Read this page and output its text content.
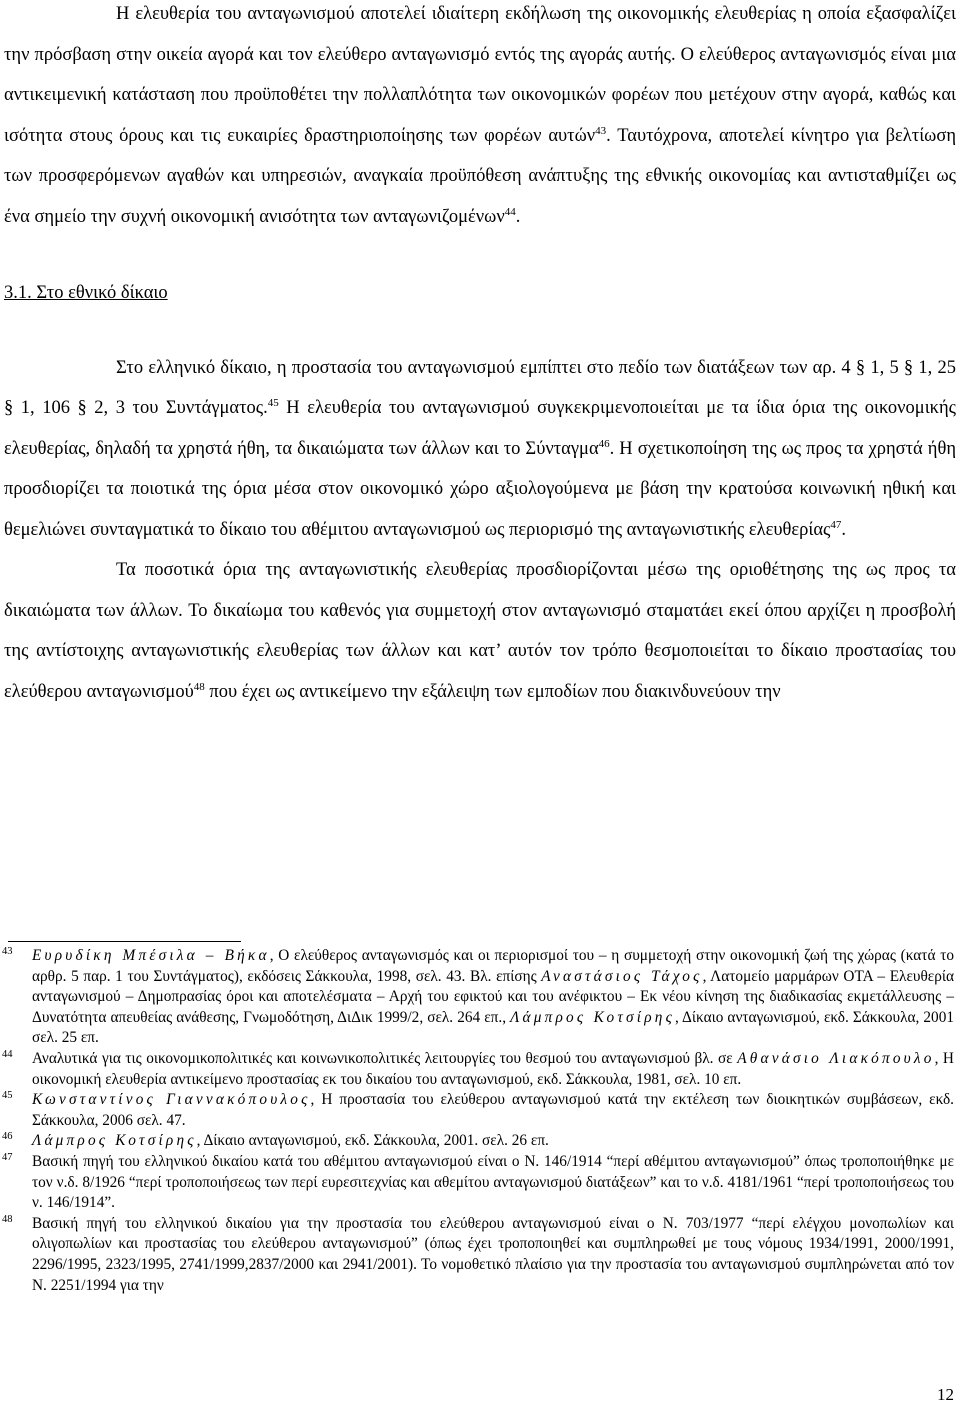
Η ελευθερία του ανταγωνισμού αποτελεί ιδιαίτερη εκδήλωση της οικονομικής ελευθερίας η οποία εξασφαλίζει την πρόσβαση στην οικεία αγορά και τον ελεύθερο ανταγωνισμό εντός της αγοράς αυτής. Ο ελεύθερος ανταγωνισμός είναι μια αντικειμενική κατάσταση που προϋποθέτει την πολλαπλότητα των οικονομικών φορέων που μετέχουν στην αγορά, καθώς και ισότητα στους όρους και τις ευκαιρίες δραστηριοποίησης των φορέων αυτών$^{43}$. Ταυτόχρονα, αποτελεί κίνητρο για βελτίωση των προσφερόμενων αγαθών και υπηρεσιών, αναγκαία προϋπόθεση ανάπτυξης της εθνικής οικονομίας και αντισταθμίζει ως ένα σημείο την συχνή οικονομική ανισότητα των ανταγωνιζομένων$^{44}$.

3.1. Στο εθνικό δίκαιο

Στο ελληνικό δίκαιο, η προστασία του ανταγωνισμού εμπίπτει στο πεδίο των διατάξεων των αρ. 4 § 1, 5 § 1, 25 § 1, 106 § 2, 3 του Συντάγματος.$^{45}$ Η ελευθερία του ανταγωνισμού συγκεκριμενοποιείται με τα ίδια όρια της οικονομικής ελευθερίας, δηλαδή τα χρηστά ήθη, τα δικαιώματα των άλλων και το Σύνταγμα$^{46}$. Η σχετικοποίηση της ως προς τα χρηστά ήθη προσδιορίζει τα ποιοτικά της όρια μέσα στον οικονομικό χώρο αξιολογούμενα με βάση την κρατούσα κοινωνική ηθική και θεμελιώνει συνταγματικά το δίκαιο του αθέμιτου ανταγωνισμού ως περιορισμό της ανταγωνιστικής ελευθερίας$^{47}$.

Τα ποσοτικά όρια της ανταγωνιστικής ελευθερίας προσδιορίζονται μέσω της οριοθέτησης της ως προς τα δικαιώματα των άλλων. Το δικαίωμα του καθενός για συμμετοχή στον ανταγωνισμό σταματάει εκεί όπου αρχίζει η προσβολή της αντίστοιχης ανταγωνιστικής ελευθερίας των άλλων και κατ’ αυτόν τον τρόπο θεσμοποιείται το δίκαιο προστασίας του ελεύθερου ανταγωνισμού$^{48}$ που έχει ως αντικείμενο την εξάλειψη των εμποδίων που διακινδυνεύουν την

43 Ευρυδίκη Μπέσιλα – Βήκα, Ο ελεύθερος ανταγωνισμός και οι περιορισμοί του – η συμμετοχή στην οικονομική ζωή της χώρας (κατά το αρθρ. 5 παρ. 1 του Συντάγματος), εκδόσεις Σάκκουλα, 1998, σελ. 43. Βλ. επίσης Αναστάσιος Τάχος, Λατομείο μαρμάρων ΟΤΑ – Ελευθερία ανταγωνισμού – Δημοπρασίας όροι και αποτελέσματα – Αρχή του εφικτού και του ανέφικτου – Εκ νέου κίνηση της διαδικασίας εκμετάλλευσης – Δυνατότητα απευθείας ανάθεσης, Γνωμοδότηση, ΔιΔικ 1999/2, σελ. 264 επ., Λάμπρος Κοτσίρης, Δίκαιο ανταγωνισμού, εκδ. Σάκκουλα, 2001 σελ. 25 επ.
44 Αναλυτικά για τις οικονομικοπολιτικές και κοινωνικοπολιτικές λειτουργίες του θεσμού του ανταγωνισμού βλ. σε Αθανάσιο Λιακόπουλο, Η οικονομική ελευθερία αντικείμενο προστασίας εκ του δικαίου του ανταγωνισμού, εκδ. Σάκκουλα, 1981, σελ. 10 επ.
45 Κωνσταντίνος Γιαννακόπουλος, Η προστασία του ελεύθερου ανταγωνισμού κατά την εκτέλεση των διοικητικών συμβάσεων, εκδ. Σάκκουλα, 2006 σελ. 47.
46 Λάμπρος Κοτσίρης, Δίκαιο ανταγωνισμού, εκδ. Σάκκουλα, 2001. σελ. 26 επ.
47 Βασική πηγή του ελληνικού δικαίου κατά του αθέμιτου ανταγωνισμού είναι ο Ν. 146/1914 “περί αθέμιτου ανταγωνισμού” όπως τροποποιήθηκε με τον ν.δ. 8/1926 “περί τροποποιήσεως των περί ευρεσιτεχνίας και αθεμίτου ανταγωνισμού διατάξεων” και το ν.δ. 4181/1961 “περί τροποποιήσεως του ν. 146/1914”.
48 Βασική πηγή του ελληνικού δικαίου για την προστασία του ελεύθερου ανταγωνισμού είναι ο Ν. 703/1977 “περί ελέγχου μονοπωλίων και ολιγοπωλίων και προστασίας του ελεύθερου ανταγωνισμού” (όπως έχει τροποποιηθεί και συμπληρωθεί με τους νόμους 1934/1991, 2000/1991, 2296/1995, 2323/1995, 2741/1999,2837/2000 και 2941/2001). Το νομοθετικό πλαίσιο για την προστασία του ανταγωνισμού συμπληρώνεται από τον Ν. 2251/1994 για την
12
